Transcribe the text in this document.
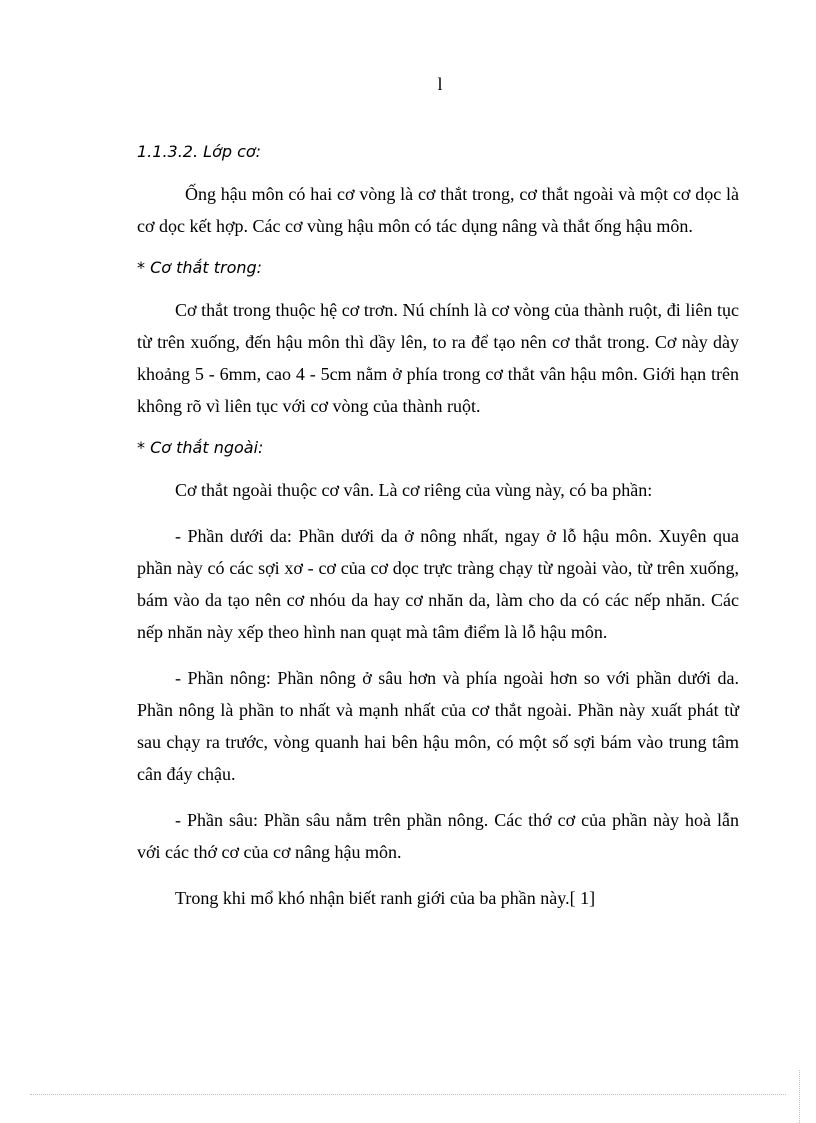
l

1.1.3.2. Lớp cơ:

Ống hậu môn có hai cơ vòng là cơ thắt trong, cơ thắt ngoài và một cơ dọc là cơ dọc kết hợp. Các cơ vùng hậu môn có tác dụng nâng và thắt ống hậu môn.

* Cơ thắt trong:

Cơ thắt trong thuộc hệ cơ trơn. Nú chính là cơ vòng của thành ruột, đi liên tục từ trên xuống, đến hậu môn thì dầy lên, to ra để tạo nên cơ thắt trong. Cơ này dày khoảng 5 - 6mm, cao 4 - 5cm nằm ở phía trong cơ thắt vân hậu môn. Giới hạn trên không rõ vì liên tục với cơ vòng của thành ruột.

* Cơ thắt ngoài:

Cơ thắt ngoài thuộc cơ vân. Là cơ riêng của vùng này, có ba phần:

- Phần dưới da: Phần dưới da ở nông nhất, ngay ở lỗ hậu môn. Xuyên qua phần này có các sợi xơ - cơ của cơ dọc trực tràng chạy từ ngoài vào, từ trên xuống, bám vào da tạo nên cơ nhóu da hay cơ nhăn da, làm cho da có các nếp nhăn. Các nếp nhăn này xếp theo hình nan quạt mà tâm điểm là lỗ hậu môn.

- Phần nông: Phần nông ở sâu hơn và phía ngoài hơn so với phần dưới da. Phần nông là phần to nhất và mạnh nhất của cơ thắt ngoài. Phần này xuất phát từ sau chạy ra trước, vòng quanh hai bên hậu môn, có một số sợi bám vào trung tâm cân đáy chậu.

- Phần sâu: Phần sâu nằm trên phần nông. Các thớ cơ của phần này hoà lẫn với các thớ cơ của cơ nâng hậu môn.

Trong khi mổ khó nhận biết ranh giới của ba phần này.[ 1]
